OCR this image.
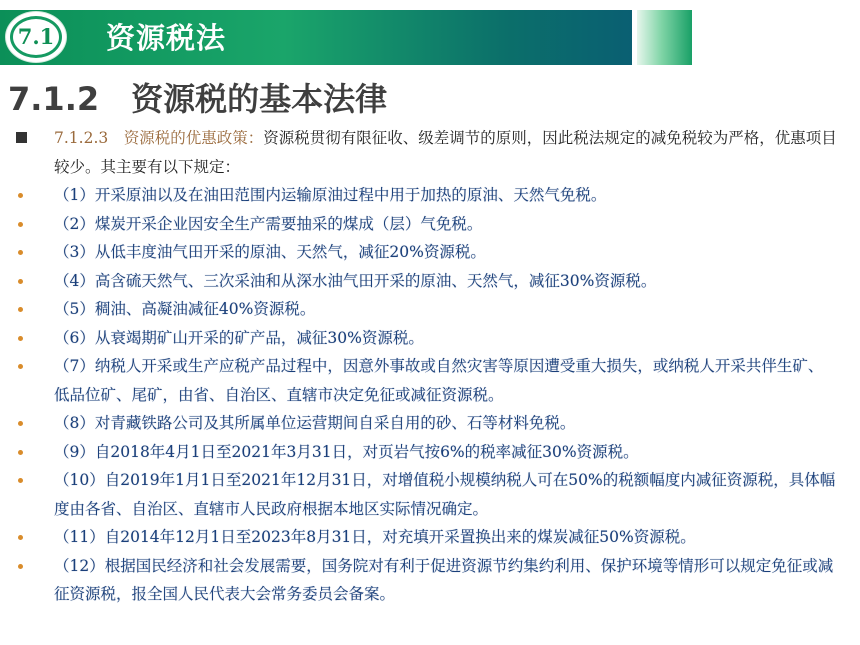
7.1 资源税法
7.1.2 资源税的基本法律
7.1.2.3　资源税的优惠政策：资源税贯彻有限征收、级差调节的原则，因此税法规定的减免税较为严格，优惠项目较少。其主要有以下规定：
（1）开采原油以及在油田范围内运输原油过程中用于加热的原油、天然气免税。
（2）煤炭开采企业因安全生产需要抽采的煤成（层）气免税。
（3）从低丰度油气田开采的原油、天然气，减征20%资源税。
（4）高含硫天然气、三次采油和从深水油气田开采的原油、天然气，减征30%资源税。
（5）稠油、高凝油减征40%资源税。
（6）从衰竭期矿山开采的矿产品，减征30%资源税。
（7）纳税人开采或生产应税产品过程中，因意外事故或自然灾害等原因遭受重大损失，或纳税人开采共伴生矿、低品位矿、尾矿，由省、自治区、直辖市决定免征或减征资源税。
（8）对青藏铁路公司及其所属单位运营期间自采自用的砂、石等材料免税。
（9）自2018年4月1日至2021年3月31日，对页岩气按6%的税率减征30%资源税。
（10）自2019年1月1日至2021年12月31日，对增值税小规模纳税人可在50%的税额幅度内减征资源税，具体幅度由各省、自治区、直辖市人民政府根据本地区实际情况确定。
（11）自2014年12月1日至2023年8月31日，对充填开采置换出来的煤炭减征50%资源税。
（12）根据国民经济和社会发展需要，国务院对有利于促进资源节约集约利用、保护环境等情形可以规定免征或减征资源税，报全国人民代表大会常务委员会备案。
